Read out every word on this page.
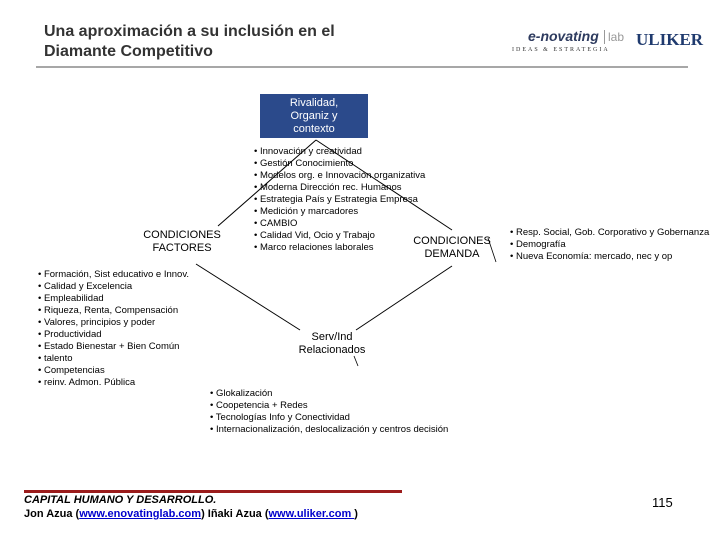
Una aproximación a su inclusión en el
Diamante Competitivo
e-novating lab
IDEAS & ESTRATEGIA
ULIKER
Rivalidad,
Organiz y
contexto
CONDICIONES
FACTORES
CONDICIONES
DEMANDA
Serv/Ind
Relacionados
• Innovación y creatividad
• Gestión Conocimiento
• Modelos org. e Innovación organizativa
• Moderna Dirección rec. Humanos
• Estrategia País y Estrategia Empresa
• Medición y marcadores
• CAMBIO
• Calidad Vid, Ocio y Trabajo
• Marco relaciones laborales
• Formación, Sist educativo e Innov.
• Calidad y Excelencia
• Empleabilidad
• Riqueza, Renta, Compensación
• Valores, principios y poder
• Productividad
• Estado Bienestar + Bien Común
• talento
• Competencias
• reinv. Admon. Pública
• Resp. Social, Gob. Corporativo y Gobernanza
• Demografía
• Nueva Economía: mercado, nec y op
• Glokalización
• Coopetencia + Redes
• Tecnologías Info y Conectividad
• Internacionalización, deslocalización y centros decisión
CAPITAL HUMANO Y DESARROLLO.
Jon Azua (www.enovatinglab.com) Iñaki Azua (www.uliker.com )
115
